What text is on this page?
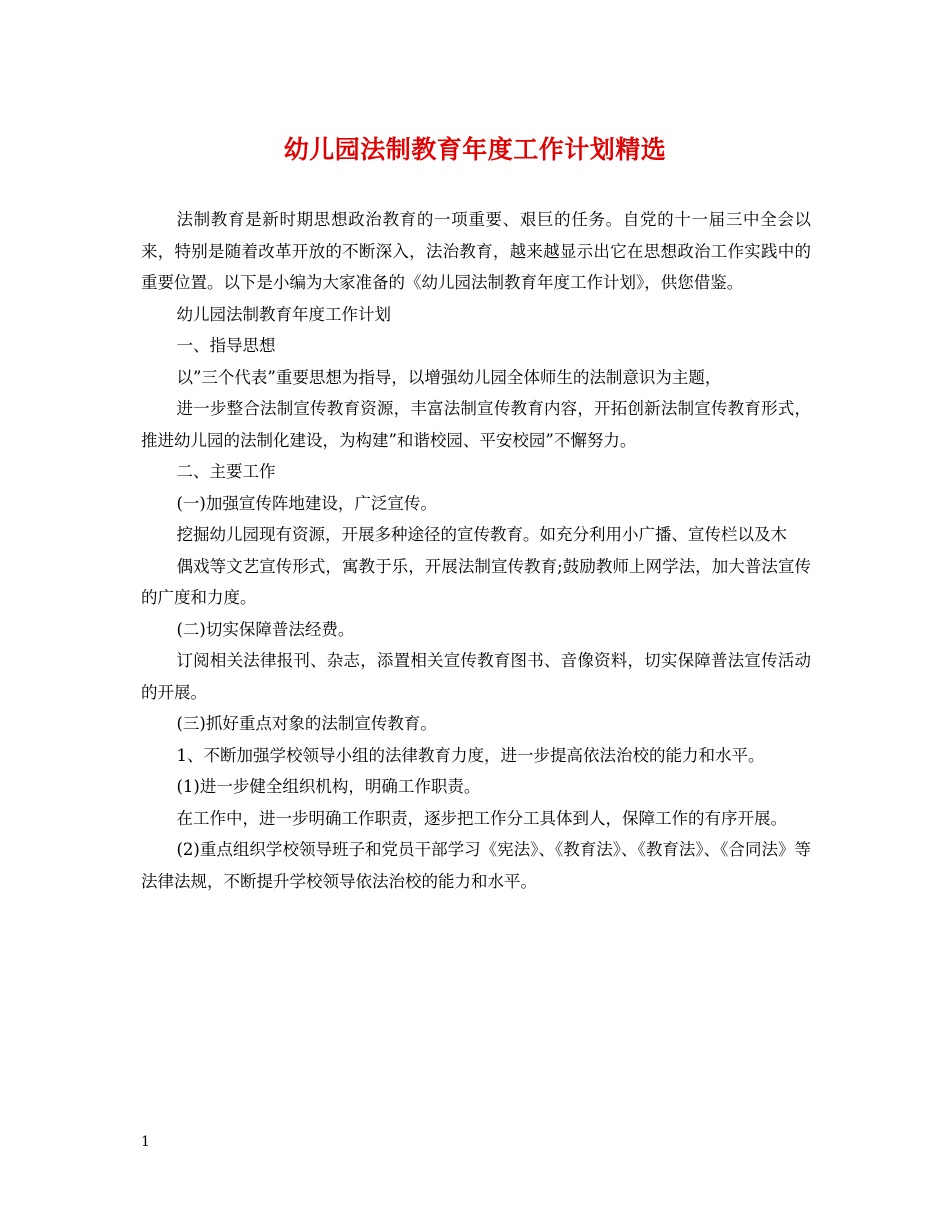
幼儿园法制教育年度工作计划精选

法制教育是新时期思想政治教育的一项重要、艰巨的任务。自党的十一届三中全会以来，特别是随着改革开放的不断深入，法治教育，越来越显示出它在思想政治工作实践中的重要位置。以下是小编为大家准备的《幼儿园法制教育年度工作计划》，供您借鉴。

幼儿园法制教育年度工作计划

一、指导思想

以”三个代表”重要思想为指导，以增强幼儿园全体师生的法制意识为主题，

进一步整合法制宣传教育资源，丰富法制宣传教育内容，开拓创新法制宣传教育形式，推进幼儿园的法制化建设，为构建”和谐校园、平安校园”不懈努力。

二、主要工作

(一)加强宣传阵地建设，广泛宣传。

挖掘幼儿园现有资源，开展多种途径的宣传教育。如充分利用小广播、宣传栏以及木

偶戏等文艺宣传形式，寓教于乐，开展法制宣传教育;鼓励教师上网学法，加大普法宣传的广度和力度。

(二)切实保障普法经费。

订阅相关法律报刊、杂志，添置相关宣传教育图书、音像资料，切实保障普法宣传活动的开展。

(三)抓好重点对象的法制宣传教育。

1、不断加强学校领导小组的法律教育力度，进一步提高依法治校的能力和水平。

(1)进一步健全组织机构，明确工作职责。

在工作中，进一步明确工作职责，逐步把工作分工具体到人，保障工作的有序开展。

(2)重点组织学校领导班子和党员干部学习《宪法》、《教育法》、《教育法》、《合同法》等法律法规，不断提升学校领导依法治校的能力和水平。

1
